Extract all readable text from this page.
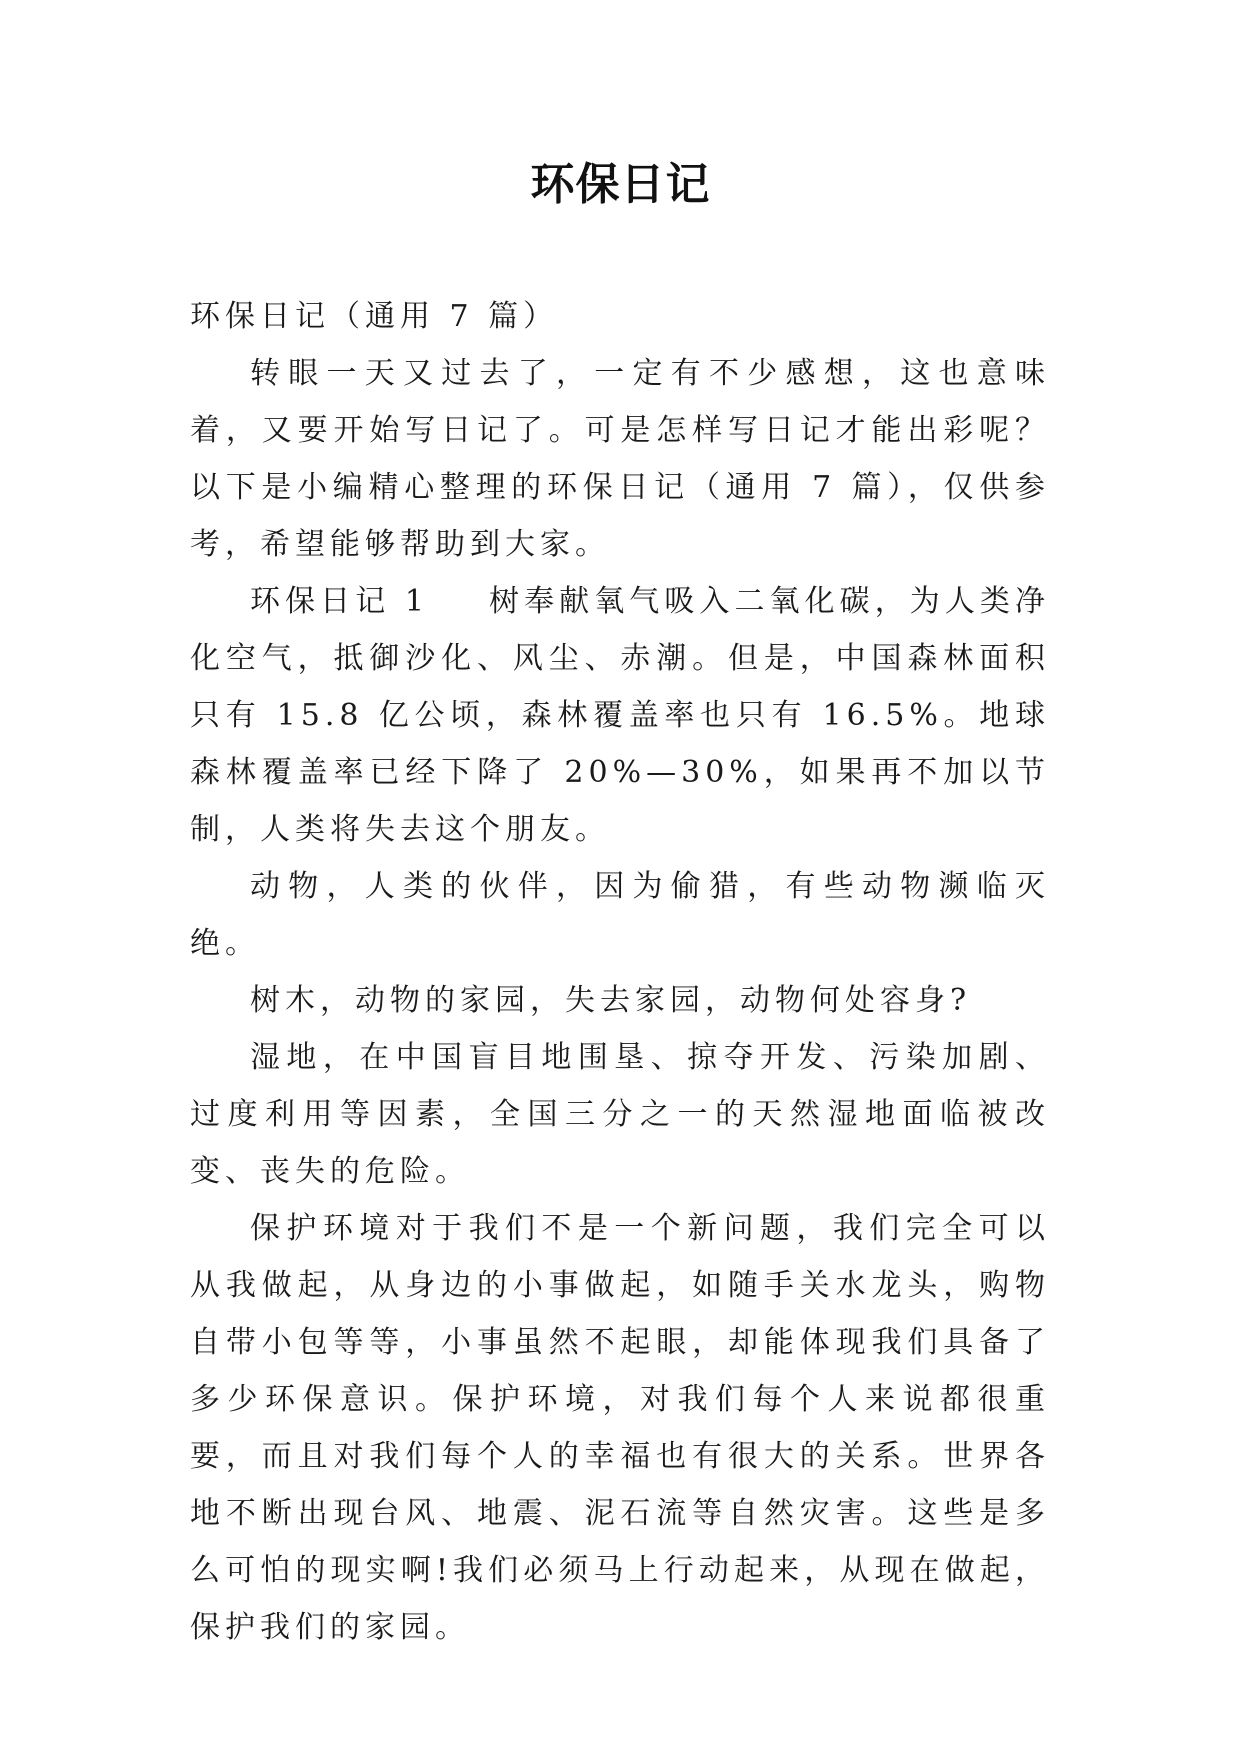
环保日记

环保日记（通用 7 篇）

转眼一天又过去了，一定有不少感想，这也意味着，又要开始写日记了。可是怎样写日记才能出彩呢？以下是小编精心整理的环保日记（通用 7 篇），仅供参考，希望能够帮助到大家。

环保日记 1 树奉献氧气吸入二氧化碳，为人类净化空气，抵御沙化、风尘、赤潮。但是，中国森林面积只有 15.8 亿公顷，森林覆盖率也只有 16.5%。地球森林覆盖率已经下降了 20%—30%，如果再不加以节制，人类将失去这个朋友。

动物，人类的伙伴，因为偷猎，有些动物濒临灭绝。

树木，动物的家园，失去家园，动物何处容身?

湿地，在中国盲目地围垦、掠夺开发、污染加剧、过度利用等因素，全国三分之一的天然湿地面临被改变、丧失的危险。

保护环境对于我们不是一个新问题，我们完全可以从我做起，从身边的小事做起，如随手关水龙头，购物自带小包等等，小事虽然不起眼，却能体现我们具备了多少环保意识。保护环境，对我们每个人来说都很重要，而且对我们每个人的幸福也有很大的关系。世界各地不断出现台风、地震、泥石流等自然灾害。这些是多么可怕的现实啊!我们必须马上行动起来，从现在做起，保护我们的家园。
